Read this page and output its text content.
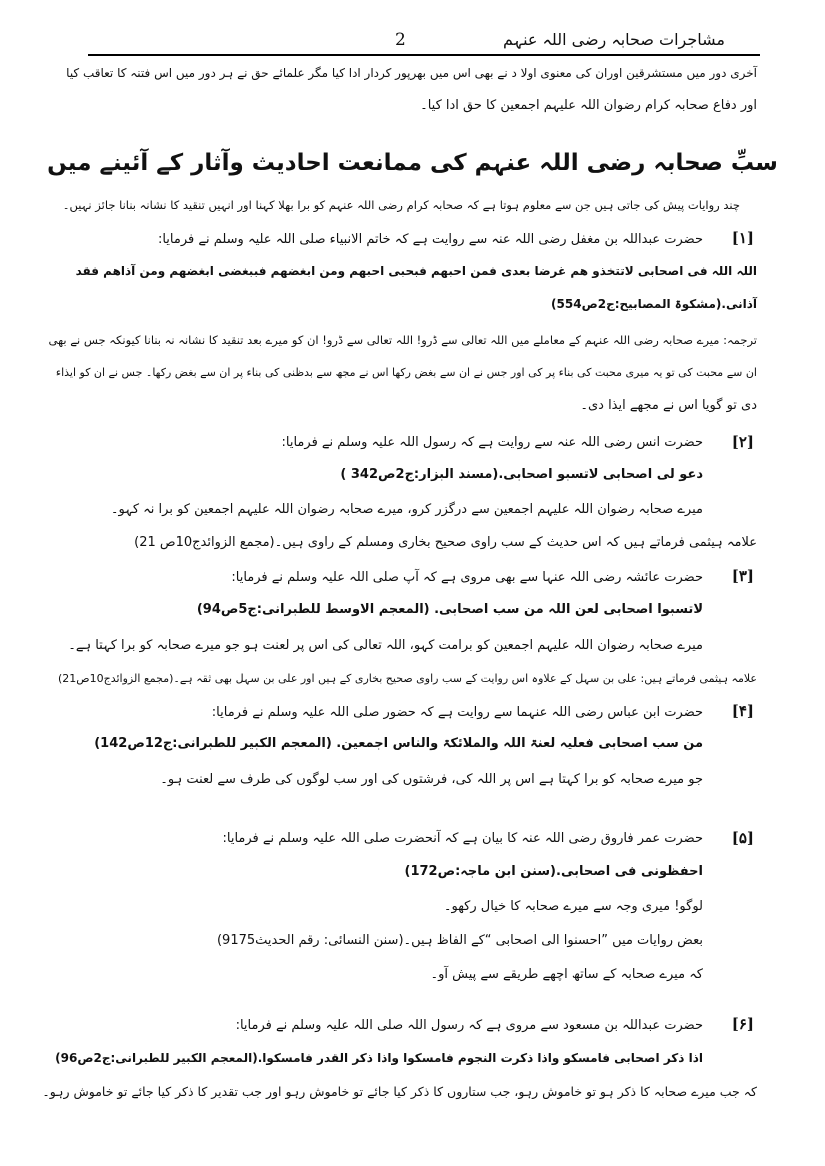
مشاجرات صحابہ رضی اللہ عنہم
2
آخری دور میں مستشرقین اوران کی معنوی اولا د نے بھی اس میں بھرپور کردار ادا کیا مگر علمائے حق نے ہر دور میں اس فتنہ کا تعاقب کیا
اور دفاع صحابہ کرام رضوان اللہ علیہم اجمعین کا حق ادا کیا۔
سبِّ صحابہ رضی اللہ عنہم کی ممانعت احادیث وآثار کے آئینے میں
چند روایات پیش کی جاتی ہیں جن سے معلوم ہوتا ہے کہ صحابہ کرام رضی اللہ عنہم کو برا بھلا کہنا اور انہیں تنقید کا نشانہ بنانا جائز نہیں۔
[۱]
حضرت عبداللہ بن مغفل رضی اللہ عنہ سے روایت ہے کہ خاتم الانبیاء صلی اللہ علیہ وسلم نے فرمایا:
اللہ اللہ فی اصحابی لاتتخذو ھم غرضا بعدی فمن احبھم فبحبی احبھم ومن ابغضھم فببغضی ابغضھم ومن آذاھم فقد
آذانی.(مشکوۃ المصابیح:ج2ص554)
ترجمہ: میرے صحابہ رضی اللہ عنہم کے معاملے میں اللہ تعالی سے ڈرو! اللہ تعالی سے ڈرو! ان کو میرے بعد تنقید کا نشانہ نہ بنانا کیونکہ جس نے بھی
ان سے محبت کی تو یہ میری محبت کی بناء پر کی اور جس نے ان سے بغض رکھا اس نے مجھ سے بدظنی کی بناء پر ان سے بغض رکھا۔ جس نے ان کو ایذاء
دی تو گویا اس نے مجھے ایذا دی۔
[۲]
حضرت انس رضی اللہ عنہ سے روایت ہے کہ رسول اللہ علیہ وسلم نے فرمایا:
دعو لی اصحابی لاتسبو اصحابی.(مسند البزار:ج2ص342 )
میرے صحابہ رضوان اللہ علیہم اجمعین سے درگزر کرو، میرے صحابہ رضوان اللہ علیہم اجمعین کو برا نہ کہو۔
علامہ ہیثمی فرماتے ہیں کہ اس حدیث کے سب راوی صحیح بخاری ومسلم کے راوی ہیں۔(مجمع الزوائدج10ص 21)
[۳]
حضرت عائشہ رضی اللہ عنہا سے بھی مروی ہے کہ آپ صلی اللہ علیہ وسلم نے فرمایا:
لاتسبوا اصحابی لعن اللہ من سب اصحابی. (المعجم الاوسط للطبرانی:ج5ص94)
میرے صحابہ رضوان اللہ علیہم اجمعین کو برامت کہو، اللہ تعالی کی اس پر لعنت ہو جو میرے صحابہ کو برا کہتا ہے۔
علامہ ہیثمی فرماتے ہیں: علی بن سہل کے علاوہ اس روایت کے سب راوی صحیح بخاری کے ہیں اور علی بن سہل بھی ثقہ ہے۔(مجمع الزوائدج10ص21)
[۴]
حضرت ابن عباس رضی اللہ عنہما سے روایت ہے کہ حضور صلی اللہ علیہ وسلم نے فرمایا:
من سب اصحابی فعلیہ لعنۃ اللہ والملائکۃ والناس اجمعین. (المعجم الکبیر للطبرانی:ج12ص142)
جو میرے صحابہ کو برا کہتا ہے اس پر اللہ کی، فرشتوں کی اور سب لوگوں کی طرف سے لعنت ہو۔
[۵]
حضرت عمر فاروق رضی اللہ عنہ کا بیان ہے کہ آنحضرت صلی اللہ علیہ وسلم نے فرمایا:
احفظونی فی اصحابی.(سنن ابن ماجہ:ص172)
لوگو! میری وجہ سے میرے صحابہ کا خیال رکھو۔
بعض روایات میں ”احسنوا الی اصحابی “کے الفاظ ہیں۔(سنن النسائی: رقم الحدیث9175)
کہ میرے صحابہ کے ساتھ اچھے طریقے سے پیش آو۔
[۶]
حضرت عبداللہ بن مسعود سے مروی ہے کہ رسول اللہ صلی اللہ علیہ وسلم نے فرمایا:
اذا ذکر اصحابی فامسکو واذا ذکرت النجوم فامسکوا واذا ذکر القدر فامسکوا.(المعجم الکبیر للطبرانی:ج2ص96)
کہ جب میرے صحابہ کا ذکر ہو تو خاموش رہو، جب ستاروں کا ذکر کیا جائے تو خاموش رہو اور جب تقدیر کا ذکر کیا جائے تو خاموش رہو۔
